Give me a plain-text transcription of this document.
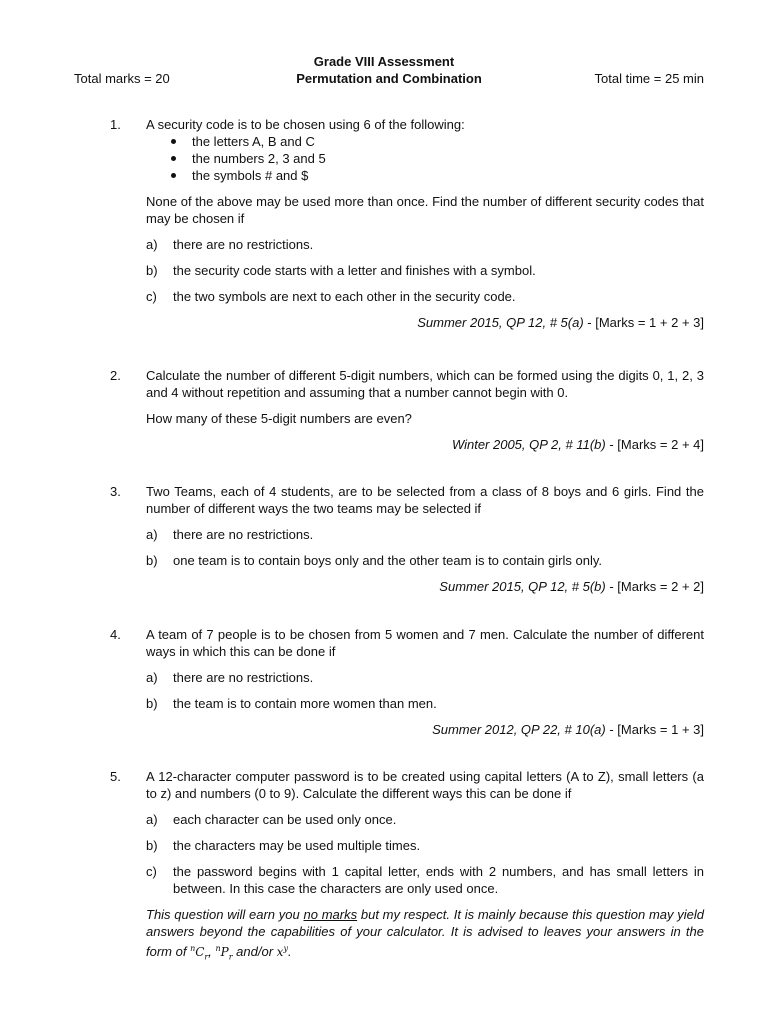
Grade VIII Assessment
Permutation and Combination
Total marks = 20	Total time = 25 min
1.	A security code is to be chosen using 6 of the following:

the letters A, B and C
the numbers 2, 3 and 5
the symbols # and $

None of the above may be used more than once. Find the number of different security codes that may be chosen if

a) there are no restrictions.
b) the security code starts with a letter and finishes with a symbol.
c) the two symbols are next to each other in the security code.

Summer 2015, QP 12, # 5(a) - [Marks = 1 + 2 + 3]

2.	Calculate the number of different 5-digit numbers, which can be formed using the digits 0, 1, 2, 3 and 4 without repetition and assuming that a number cannot begin with 0.

How many of these 5-digit numbers are even?

Winter 2005, QP 2, # 11(b) - [Marks = 2 + 4]

3.	Two Teams, each of 4 students, are to be selected from a class of 8 boys and 6 girls. Find the number of different ways the two teams may be selected if

a) there are no restrictions.
b) one team is to contain boys only and the other team is to contain girls only.

Summer 2015, QP 12, # 5(b) - [Marks = 2 + 2]

4.	A team of 7 people is to be chosen from 5 women and 7 men. Calculate the number of different ways in which this can be done if

a) there are no restrictions.
b) the team is to contain more women than men.

Summer 2012, QP 22, # 10(a) - [Marks = 1 + 3]

5.	A 12-character computer password is to be created using capital letters (A to Z), small letters (a to z) and numbers (0 to 9). Calculate the different ways this can be done if

a) each character can be used only once.
b) the characters may be used multiple times.
c) the password begins with 1 capital letter, ends with 2 numbers, and has small letters in between. In this case the characters are only used once.

This question will earn you no marks but my respect. It is mainly because this question may yield answers beyond the capabilities of your calculator. It is advised to leaves your answers in the form of $^nC_r$, $^nP_r$ and/or $x^y$.
